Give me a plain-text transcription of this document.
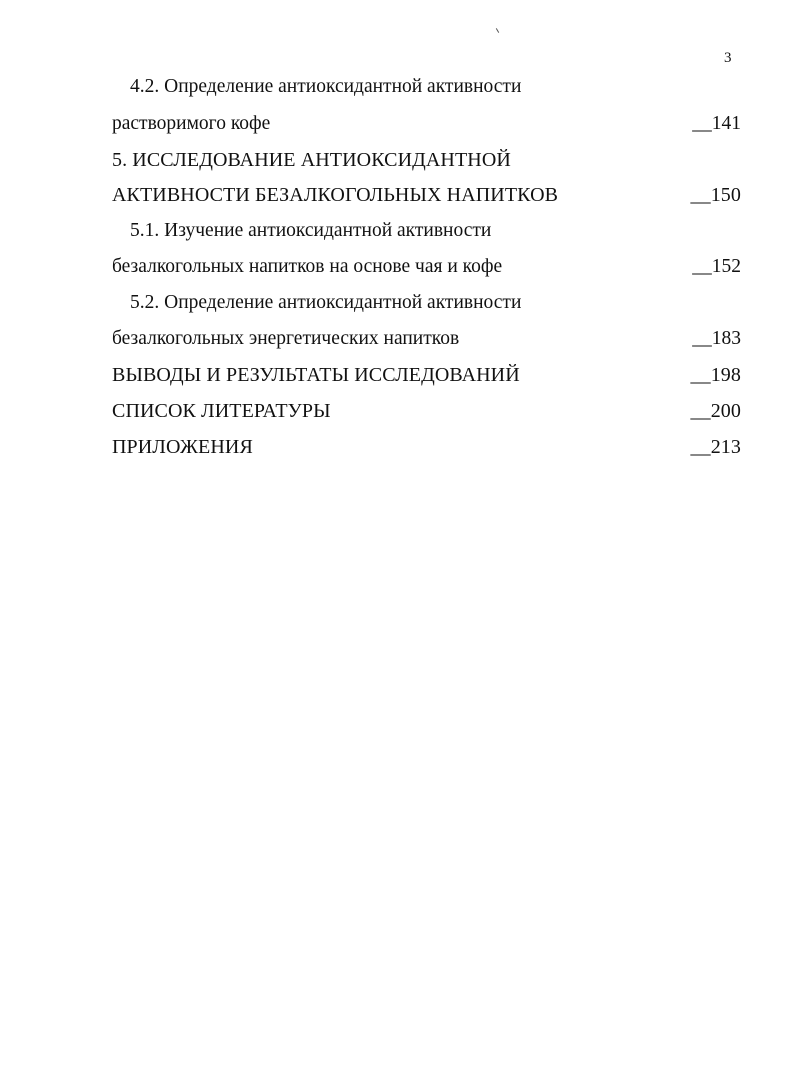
3
4.2. Определение антиоксидантной активности
растворимого кофе	__141
5. ИССЛЕДОВАНИЕ АНТИОКСИДАНТНОЙ
АКТИВНОСТИ БЕЗАЛКОГОЛЬНЫХ НАПИТКОВ	__150
5.1. Изучение антиоксидантной активности
безалкогольных напитков на основе чая и кофе	__152
5.2. Определение антиоксидантной активности
безалкогольных энергетических напитков	__183
ВЫВОДЫ И РЕЗУЛЬТАТЫ ИССЛЕДОВАНИЙ	__198
СПИСОК ЛИТЕРАТУРЫ	__200
ПРИЛОЖЕНИЯ	__213
